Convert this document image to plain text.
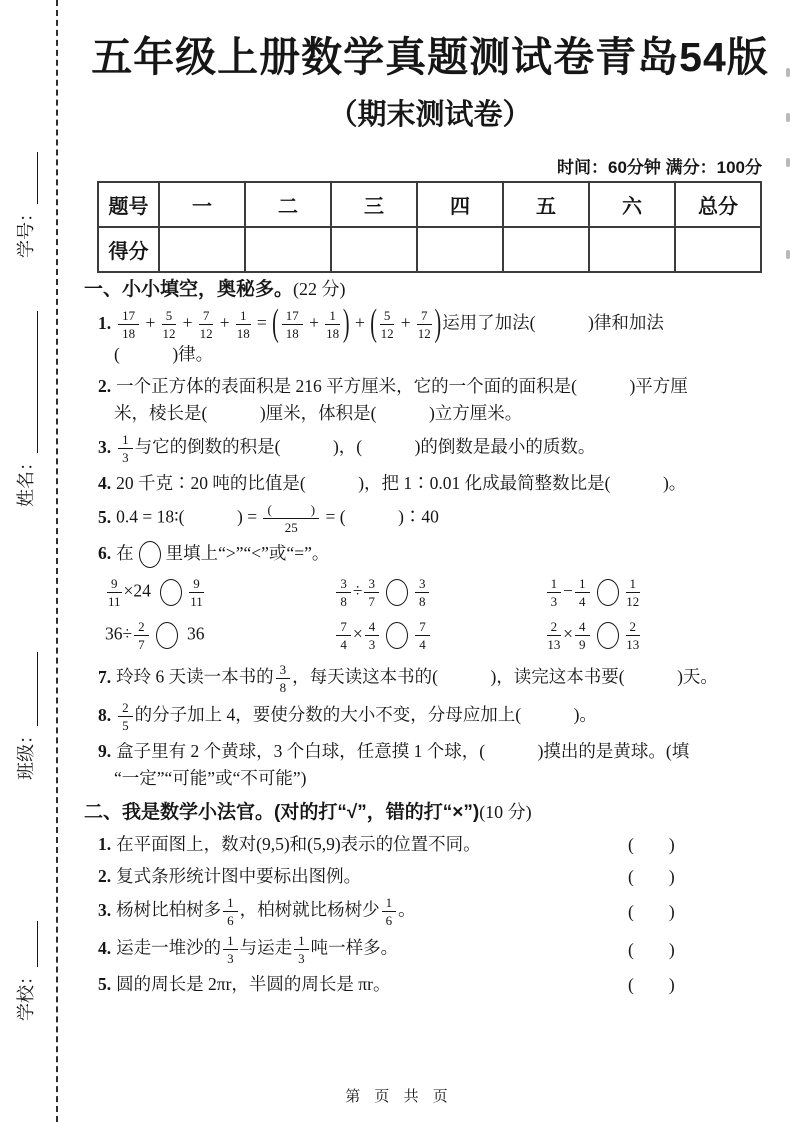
学号：
姓名：
班级：
学校：
五年级上册数学真题测试卷青岛54版
（期末测试卷）
时间：60分钟 满分：100分
题号	一	二	三	四	五	六	总分
得分							
一、小小填空，奥秘多。(22 分)
1. $\frac{17}{18} + \frac{5}{12} + \frac{7}{12} + \frac{1}{18}$ = ( $\frac{17}{18} + \frac{1}{18}$ ) + ( $\frac{5}{12} + \frac{7}{12}$ )运用了加法(　　　)律和加法
(　　　)律。
2. 一个正方体的表面积是 216 平方厘米，它的一个面的面积是(　　　)平方厘
米，棱长是(　　　)厘米，体积是(　　　)立方厘米。
3. $\frac{1}{3}$ 与它的倒数的积是(　　　)，(　　　)的倒数是最小的质数。
4. 20 千克∶20 吨的比值是(　　　)，把 1∶0.01 化成最简整数比是(　　　)。
5. 0.4 = 18∶(　　　) = $\frac{( )}{25}$ = (　　　)∶40
6. 在 里填上“>”“<”或“=”。
$\frac{9}{11} \times 24$	$\frac{9}{11}$	$\frac{3}{8} \div \frac{3}{7}$	$\frac{3}{8}$	$\frac{1}{3} - \frac{1}{4}$	$\frac{1}{12}$
$36\div \frac{2}{7} 36$	$\frac{7}{4} \times \frac{4}{3}$	$\frac{7}{4}$	$\frac{2}{13} \times \frac{4}{9}$	$\frac{2}{13}$
7. 玲玲 6 天读一本书的 $\frac{3}{8}$ ，每天读这本书的(　　　)，读完这本书要(　　　)天。
8. $\frac{2}{5}$ 的分子加上 4，要使分数的大小不变，分母应加上(　　　)。
9. 盒子里有 2 个黄球，3 个白球，任意摸 1 个球，(　　　)摸出的是黄球。(填
“一定”“可能”或“不可能”)
二、我是数学小法官。(对的打“√”，错的打“×”)(10 分)
(　　)
1. 在平面图上，数对(9,5)和(5,9)表示的位置不同。
(　　)
2. 复式条形统计图中要标出图例。
(　　)
3. 杨树比柏树多 $\frac{1}{6}$ ，柏树就比杨树少 $\frac{1}{6}$ 。
(　　)
4. 运走一堆沙的 $\frac{1}{3}$ 与运走 $\frac{1}{3}$ 吨一样多。
(　　)
5. 圆的周长是 2πr，半圆的周长是 πr。
第 页 共 页
